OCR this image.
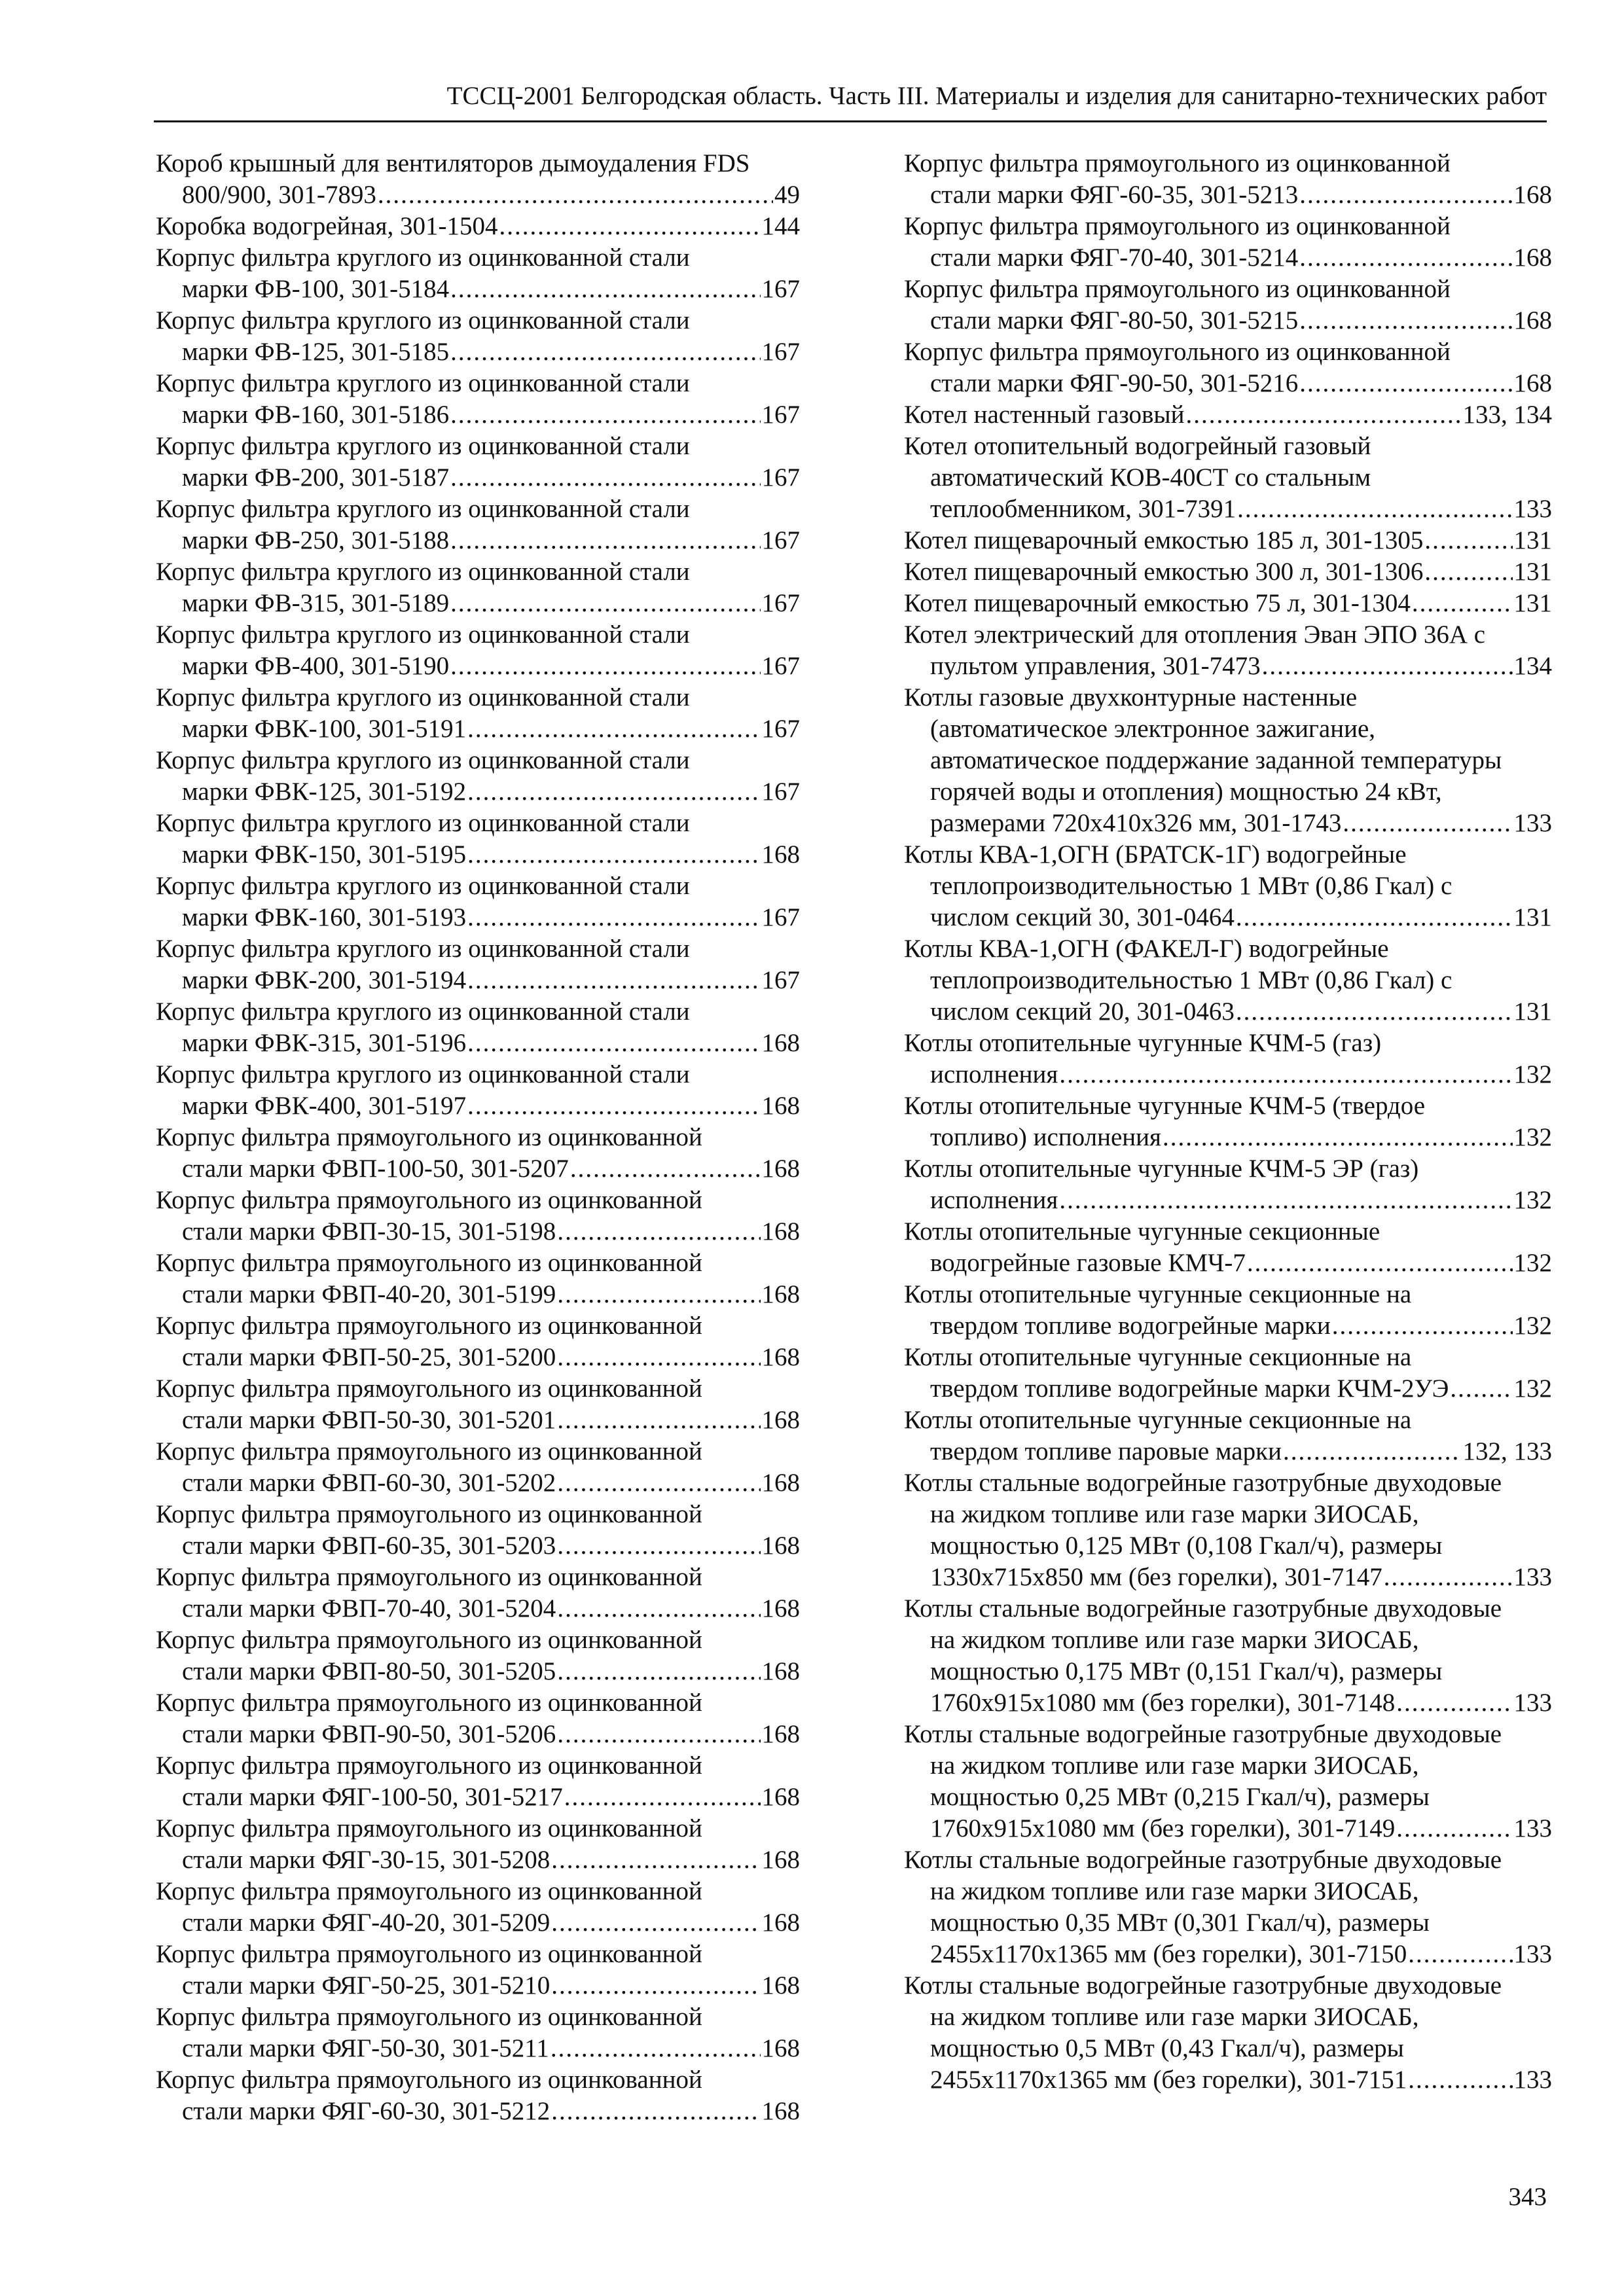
ТССЦ-2001 Белгородская область. Часть III. Материалы и изделия для санитарно-технических работ
Короб крышный для вентиляторов дымоудаления FDS
800/900, 301-7893 .....	49
Коробка водогрейная, 301-1504 .....	144
Корпус фильтра круглого из оцинкованной стали
марки ФВ-100, 301-5184 .....	167
Корпус фильтра круглого из оцинкованной стали
марки ФВ-125, 301-5185 .....	167
Корпус фильтра круглого из оцинкованной стали
марки ФВ-160, 301-5186 .....	167
Корпус фильтра круглого из оцинкованной стали
марки ФВ-200, 301-5187 .....	167
Корпус фильтра круглого из оцинкованной стали
марки ФВ-250, 301-5188 .....	167
Корпус фильтра круглого из оцинкованной стали
марки ФВ-315, 301-5189 .....	167
Корпус фильтра круглого из оцинкованной стали
марки ФВ-400, 301-5190 .....	167
Корпус фильтра круглого из оцинкованной стали
марки ФВК-100, 301-5191 .....	167
Корпус фильтра круглого из оцинкованной стали
марки ФВК-125, 301-5192 .....	167
Корпус фильтра круглого из оцинкованной стали
марки ФВК-150, 301-5195 .....	168
Корпус фильтра круглого из оцинкованной стали
марки ФВК-160, 301-5193 .....	167
Корпус фильтра круглого из оцинкованной стали
марки ФВК-200, 301-5194 .....	167
Корпус фильтра круглого из оцинкованной стали
марки ФВК-315, 301-5196 .....	168
Корпус фильтра круглого из оцинкованной стали
марки ФВК-400, 301-5197 .....	168
Корпус фильтра прямоугольного из оцинкованной
стали марки ФВП-100-50, 301-5207 .....	168
Корпус фильтра прямоугольного из оцинкованной
стали марки ФВП-30-15, 301-5198 .....	168
Корпус фильтра прямоугольного из оцинкованной
стали марки ФВП-40-20, 301-5199 .....	168
Корпус фильтра прямоугольного из оцинкованной
стали марки ФВП-50-25, 301-5200 .....	168
Корпус фильтра прямоугольного из оцинкованной
стали марки ФВП-50-30, 301-5201 .....	168
Корпус фильтра прямоугольного из оцинкованной
стали марки ФВП-60-30, 301-5202 .....	168
Корпус фильтра прямоугольного из оцинкованной
стали марки ФВП-60-35, 301-5203 .....	168
Корпус фильтра прямоугольного из оцинкованной
стали марки ФВП-70-40, 301-5204 .....	168
Корпус фильтра прямоугольного из оцинкованной
стали марки ФВП-80-50, 301-5205 .....	168
Корпус фильтра прямоугольного из оцинкованной
стали марки ФВП-90-50, 301-5206 .....	168
Корпус фильтра прямоугольного из оцинкованной
стали марки ФЯГ-100-50, 301-5217 .....	168
Корпус фильтра прямоугольного из оцинкованной
стали марки ФЯГ-30-15, 301-5208 .....	168
Корпус фильтра прямоугольного из оцинкованной
стали марки ФЯГ-40-20, 301-5209 .....	168
Корпус фильтра прямоугольного из оцинкованной
стали марки ФЯГ-50-25, 301-5210 .....	168
Корпус фильтра прямоугольного из оцинкованной
стали марки ФЯГ-50-30, 301-5211 .....	168
Корпус фильтра прямоугольного из оцинкованной
стали марки ФЯГ-60-30, 301-5212 .....	168
Корпус фильтра прямоугольного из оцинкованной
стали марки ФЯГ-60-35, 301-5213 .....	168
Корпус фильтра прямоугольного из оцинкованной
стали марки ФЯГ-70-40, 301-5214 .....	168
Корпус фильтра прямоугольного из оцинкованной
стали марки ФЯГ-80-50, 301-5215 .....	168
Корпус фильтра прямоугольного из оцинкованной
стали марки ФЯГ-90-50, 301-5216 .....	168
Котел настенный газовый .....	133, 134
Котел отопительный водогрейный газовый
автоматический КОВ-40СТ со стальным
теплообменником, 301-7391 .....	133
Котел пищеварочный емкостью 185 л, 301-1305 .....	131
Котел пищеварочный емкостью 300 л, 301-1306 .....	131
Котел пищеварочный емкостью 75 л, 301-1304 .....	131
Котел электрический для отопления Эван ЭПО 36А с
пультом управления, 301-7473 .....	134
Котлы газовые двухконтурные настенные
(автоматическое электронное зажигание,
автоматическое поддержание заданной температуры
горячей воды и отопления) мощностью 24 кВт,
размерами 720х410х326 мм, 301-1743 .....	133
Котлы КВА-1,ОГН (БРАТСК-1Г) водогрейные
теплопроизводительностью 1 МВт (0,86 Гкал) с
числом секций 30, 301-0464 .....	131
Котлы КВА-1,ОГН (ФАКЕЛ-Г) водогрейные
теплопроизводительностью 1 МВт (0,86 Гкал) с
числом секций 20, 301-0463 .....	131
Котлы отопительные чугунные КЧМ-5 (газ)
исполнения .....	132
Котлы отопительные чугунные КЧМ-5 (твердое
топливо) исполнения .....	132
Котлы отопительные чугунные КЧМ-5 ЭР (газ)
исполнения .....	132
Котлы отопительные чугунные секционные
водогрейные газовые КМЧ-7 .....	132
Котлы отопительные чугунные секционные на
твердом топливе водогрейные марки .....	132
Котлы отопительные чугунные секционные на
твердом топливе водогрейные марки КЧМ-2УЭ .....	132
Котлы отопительные чугунные секционные на
твердом топливе паровые марки .....	132, 133
Котлы стальные водогрейные газотрубные двуходовые
на жидком топливе или газе марки ЗИОСАБ,
мощностью 0,125 МВт (0,108 Гкал/ч), размеры
1330х715х850 мм (без горелки), 301-7147 .....	133
Котлы стальные водогрейные газотрубные двуходовые
на жидком топливе или газе марки ЗИОСАБ,
мощностью 0,175 МВт (0,151 Гкал/ч), размеры
1760х915х1080 мм (без горелки), 301-7148 .....	133
Котлы стальные водогрейные газотрубные двуходовые
на жидком топливе или газе марки ЗИОСАБ,
мощностью 0,25 МВт (0,215 Гкал/ч), размеры
1760х915х1080 мм (без горелки), 301-7149 .....	133
Котлы стальные водогрейные газотрубные двуходовые
на жидком топливе или газе марки ЗИОСАБ,
мощностью 0,35 МВт (0,301 Гкал/ч), размеры
2455х1170х1365 мм (без горелки), 301-7150 .....	133
Котлы стальные водогрейные газотрубные двуходовые
на жидком топливе или газе марки ЗИОСАБ,
мощностью 0,5 МВт (0,43 Гкал/ч), размеры
2455х1170х1365 мм (без горелки), 301-7151 .....	133
343
